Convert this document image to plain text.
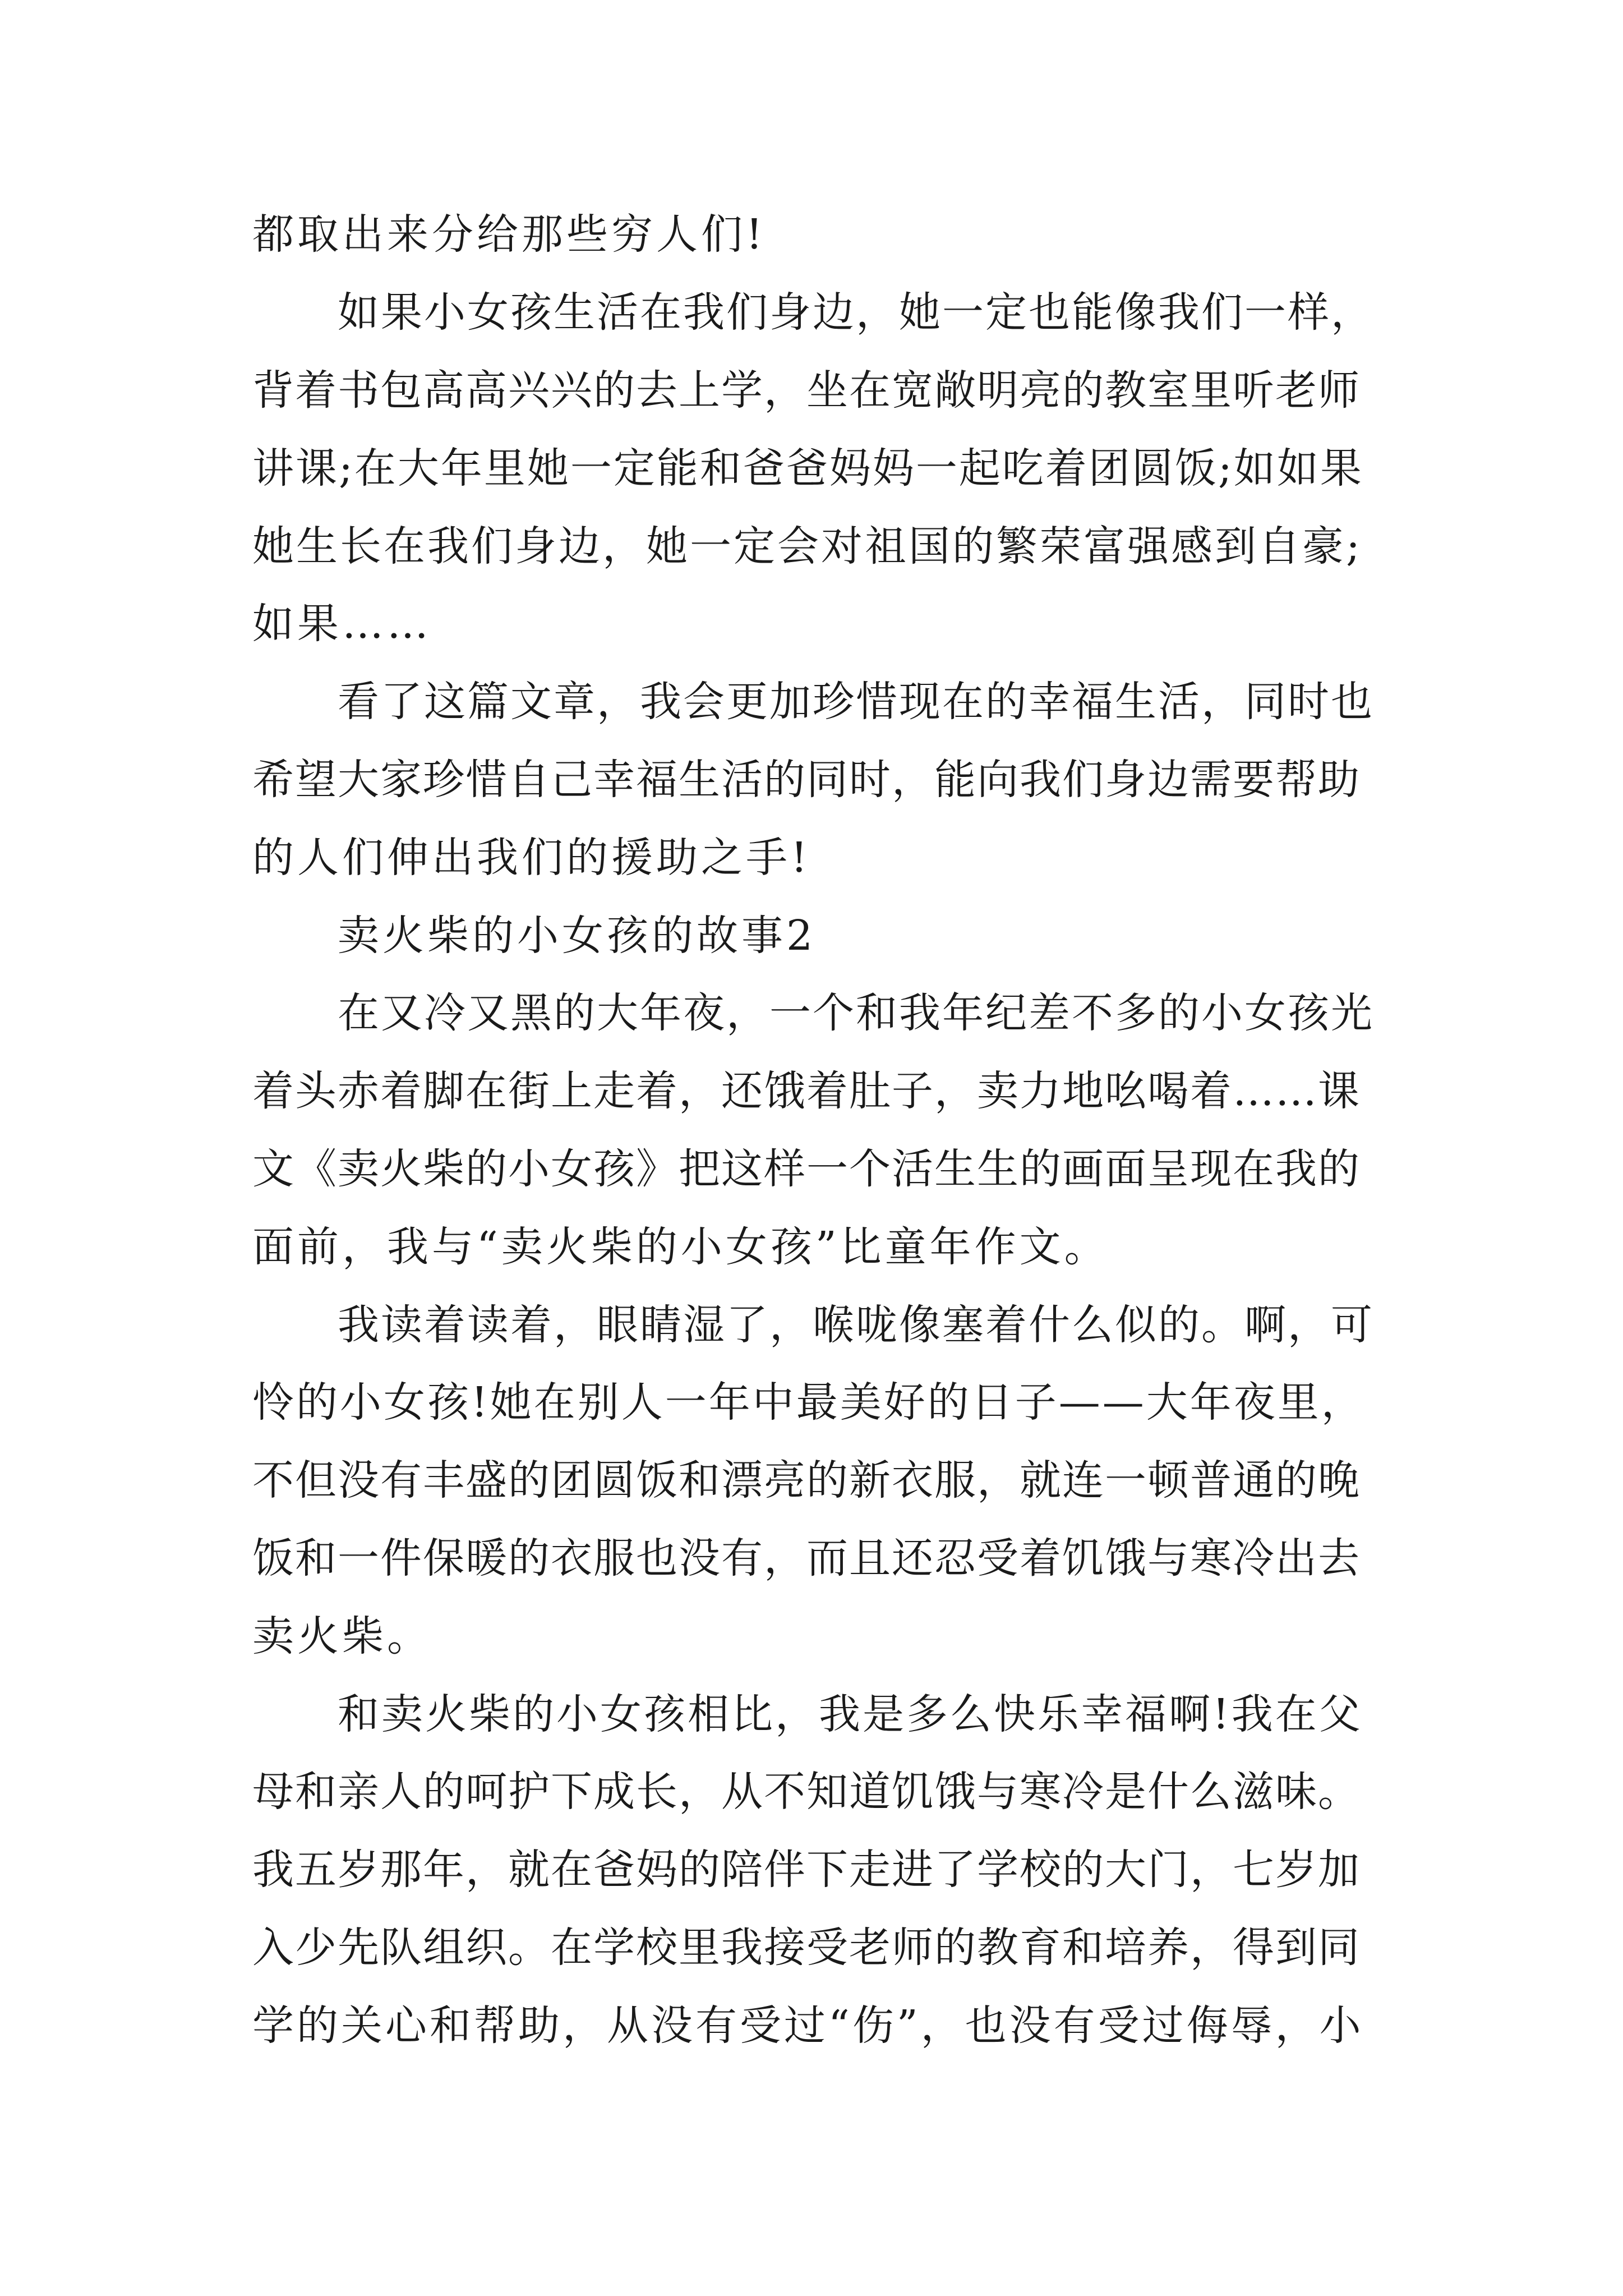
都取出来分给那些穷人们!
如果小女孩生活在我们身边，她一定也能像我们一样，
背着书包高高兴兴的去上学，坐在宽敞明亮的教室里听老师
讲课;在大年里她一定能和爸爸妈妈一起吃着团圆饭;如如果
她生长在我们身边，她一定会对祖国的繁荣富强感到自豪;
如果……
看了这篇文章，我会更加珍惜现在的幸福生活，同时也
希望大家珍惜自己幸福生活的同时，能向我们身边需要帮助
的人们伸出我们的援助之手!
卖火柴的小女孩的故事2
在又冷又黑的大年夜，一个和我年纪差不多的小女孩光
着头赤着脚在街上走着，还饿着肚子，卖力地吆喝着……课
文《卖火柴的小女孩》把这样一个活生生的画面呈现在我的
面前，我与“卖火柴的小女孩”比童年作文。
我读着读着，眼睛湿了，喉咙像塞着什么似的。啊，可
怜的小女孩!她在别人一年中最美好的日子——大年夜里，
不但没有丰盛的团圆饭和漂亮的新衣服，就连一顿普通的晚
饭和一件保暖的衣服也没有，而且还忍受着饥饿与寒冷出去
卖火柴。
和卖火柴的小女孩相比，我是多么快乐幸福啊!我在父
母和亲人的呵护下成长，从不知道饥饿与寒冷是什么滋味。
我五岁那年，就在爸妈的陪伴下走进了学校的大门，七岁加
入少先队组织。在学校里我接受老师的教育和培养，得到同
学的关心和帮助，从没有受过“伤”，也没有受过侮辱，小
